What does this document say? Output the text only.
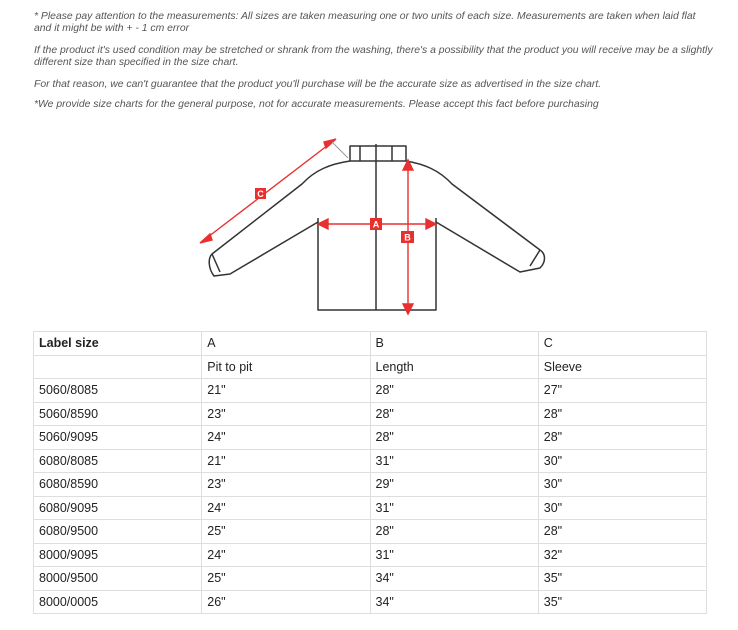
* Please pay attention to the measurements: All sizes are taken measuring one or two units of each size. Measurements are taken when laid flat and it might be with + - 1 cm error

If the product it's used condition may be stretched or shrank from the washing, there's a possibility that the product you will receive may be a slightly different size than specified in the size chart.

For that reason, we can't guarantee that the product you'll purchase will be the accurate size as advertised in the size chart.

*We provide size charts for the general purpose, not for accurate measurements. Please accept this fact before purchasing

C
A
B
Label size	A	B	C
	Pit to pit	Length	Sleeve
5060/8085	21"	28"	27"
5060/8590	23"	28"	28"
5060/9095	24"	28"	28"
6080/8085	21"	31"	30"
6080/8590	23"	29"	30"
6080/9095	24"	31"	30"
6080/9500	25"	28"	28"
8000/9095	24"	31"	32"
8000/9500	25"	34"	35"
8000/0005	26"	34"	35"
